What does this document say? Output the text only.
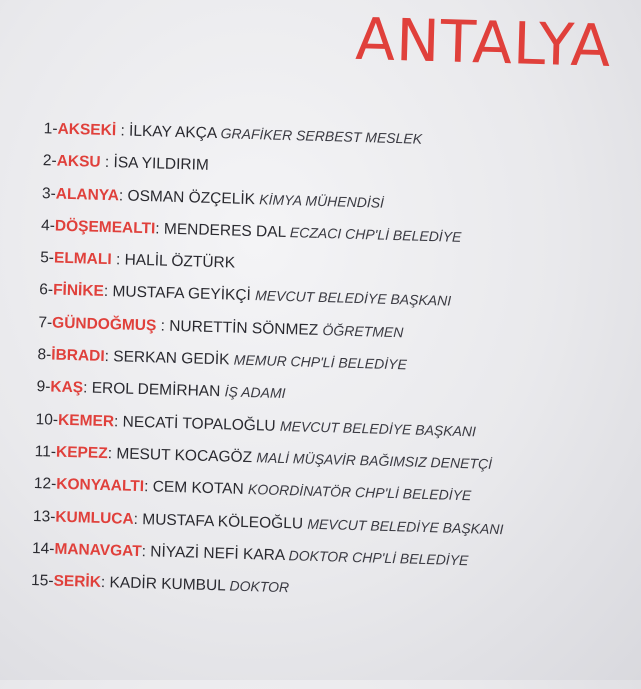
ANTALYA
1-AKSEKİ : İLKAY AKÇA GRAFİKER SERBEST MESLEK
2-AKSU : İSA YILDIRIM
3-ALANYA: OSMAN ÖZÇELİK KİMYA MÜHENDİSİ
4-DÖŞEMEALTI: MENDERES DAL ECZACI CHP'Lİ BELEDİYE
5-ELMALI : HALİL ÖZTÜRK
6-FİNİKE: MUSTAFA GEYİKÇİ MEVCUT BELEDİYE BAŞKANI
7-GÜNDOĞMUŞ : NURETTİN SÖNMEZ ÖĞRETMEN
8-İBRADI: SERKAN GEDİK MEMUR CHP'Lİ BELEDİYE
9-KAŞ: EROL DEMİRHAN İŞ ADAMI
10-KEMER: NECATİ TOPALOĞLU MEVCUT BELEDİYE BAŞKANI
11-KEPEZ: MESUT KOCAGÖZ MALİ MÜŞAVİR BAĞIMSIZ DENETÇİ
12-KONYAALTI: CEM KOTAN KOORDİNATÖR CHP'Lİ BELEDİYE
13-KUMLUCA: MUSTAFA KÖLEOĞLU MEVCUT BELEDİYE BAŞKANI
14-MANAVGAT: NİYAZİ NEFİ KARA DOKTOR CHP'Lİ BELEDİYE
15-SERİK: KADİR KUMBUL DOKTOR
